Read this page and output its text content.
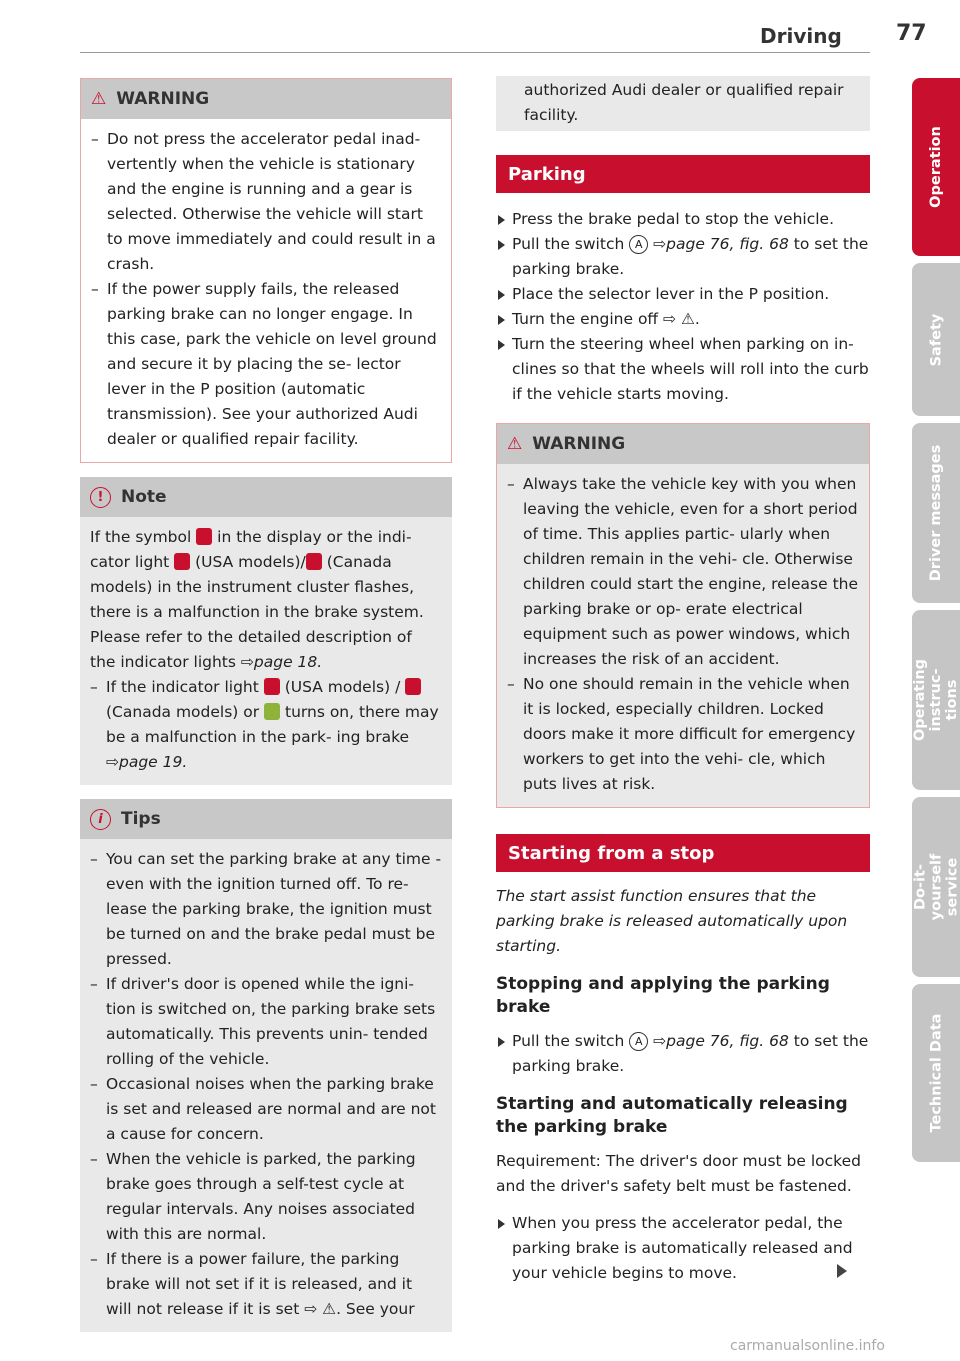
Driving 77
⚠ WARNING
– Do not press the accelerator pedal inad- vertently when the vehicle is stationary and the engine is running and a gear is selected. Otherwise the vehicle will start to move immediately and could result in a crash.
– If the power supply fails, the released parking brake can no longer engage. In this case, park the vehicle on level ground and secure it by placing the se- lector lever in the P position (automatic transmission). See your authorized Audi dealer or qualified repair facility.
!	Note

If the symbol in the display or the indi- cator light (USA models)/ (Canada models) in the instrument cluster flashes, there is a malfunction in the brake system. Please refer to the detailed description of the indicator lights ⇨page 18.

– If the indicator light (USA models) /  (Canada models) or turns on, there may be a malfunction in the park- ing brake ⇨page 19.
i	Tips
– You can set the parking brake at any time - even with the ignition turned off. To re- lease the parking brake, the ignition must be turned on and the brake pedal must be pressed.
– If driver's door is opened while the igni- tion is switched on, the parking brake sets automatically. This prevents unin- tended rolling of the vehicle.
– Occasional noises when the parking brake is set and released are normal and are not a cause for concern.
– When the vehicle is parked, the parking brake goes through a self-test cycle at regular intervals. Any noises associated with this are normal.
– If there is a power failure, the parking brake will not set if it is released, and it will not release if it is set ⇨ ⚠. See your

authorized Audi dealer or qualified repair facility.

Parking
Press the brake pedal to stop the vehicle.
Pull the switch A ⇨page 76, fig. 68 to set the parking brake.
Place the selector lever in the P position.
Turn the engine off ⇨ ⚠.
Turn the steering wheel when parking on in- clines so that the wheels will roll into the curb if the vehicle starts moving.
⚠ WARNING
– Always take the vehicle key with you when leaving the vehicle, even for a short period of time. This applies partic- ularly when children remain in the vehi- cle. Otherwise children could start the engine, release the parking brake or op- erate electrical equipment such as power windows, which increases the risk of an accident.
– No one should remain in the vehicle when it is locked, especially children. Locked doors make it more difficult for emergency workers to get into the vehi- cle, which puts lives at risk.
Starting from a stop

The start assist function ensures that the parking brake is released automatically upon starting.

Stopping and applying the parking brake

Pull the switch A ⇨page 76, fig. 68 to set the parking brake.

Starting and automatically releasing the parking brake

Requirement: The driver's door must be locked and the driver's safety belt must be fastened.

When you press the accelerator pedal, the parking brake is automatically released and your vehicle begins to move.
Operation
Safety
Driver messages
Operating instruc- tions
Do-it-yourself service
Technical Data
carmanualsonline.info
